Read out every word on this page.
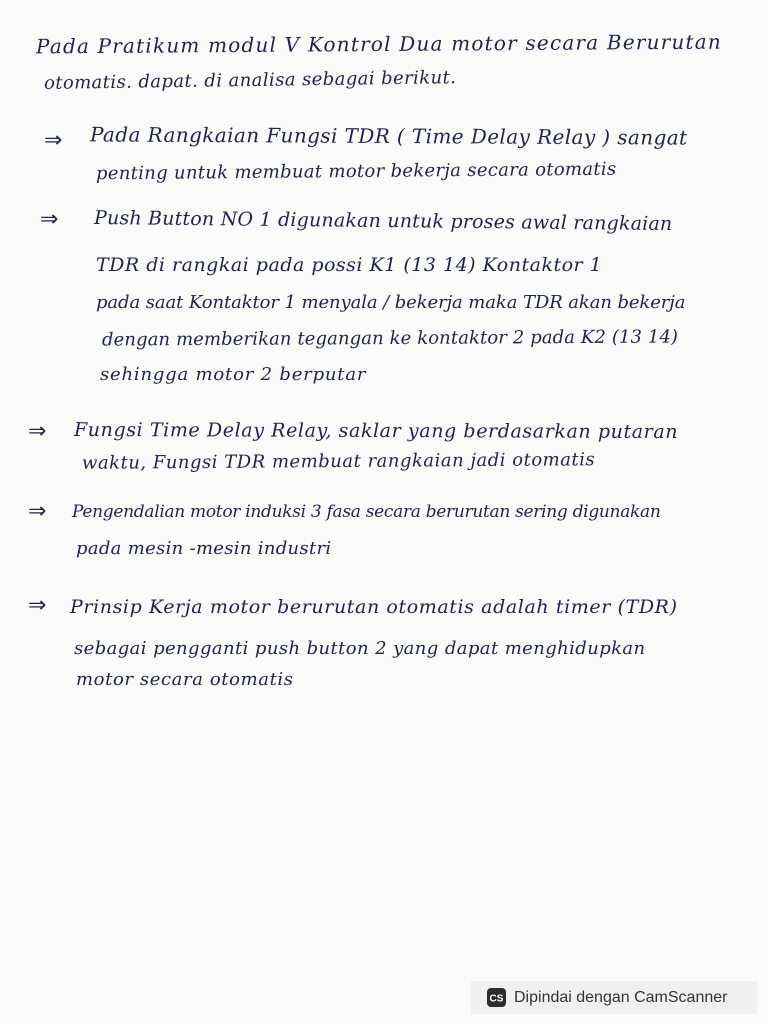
Pada Pratikum modul V Kontrol Dua motor secara Berurutan
otomatis. dapat. di analisa sebagai berikut.
⇒ Pada Rangkaian Fungsi TDR ( Time Delay Relay ) sangat
penting untuk membuat motor bekerja secara otomatis
⇒ Push Button NO 1 digunakan untuk proses awal rangkaian
TDR di rangkai pada possi K1 (13 14) Kontaktor 1
pada saat Kontaktor 1 menyala / bekerja maka TDR akan bekerja
dengan memberikan tegangan ke kontaktor 2 pada K2 (13 14)
sehingga motor 2 berputar
⇒ Fungsi Time Delay Relay, saklar yang berdasarkan putaran
waktu, Fungsi TDR membuat rangkaian jadi otomatis
⇒ Pengendalian motor induksi 3 fasa secara berurutan sering digunakan
pada mesin -mesin industri
⇒ Prinsip Kerja motor berurutan otomatis adalah timer (TDR)
sebagai pengganti push button 2 yang dapat menghidupkan
motor secara otomatis
CS Dipindai dengan CamScanner
